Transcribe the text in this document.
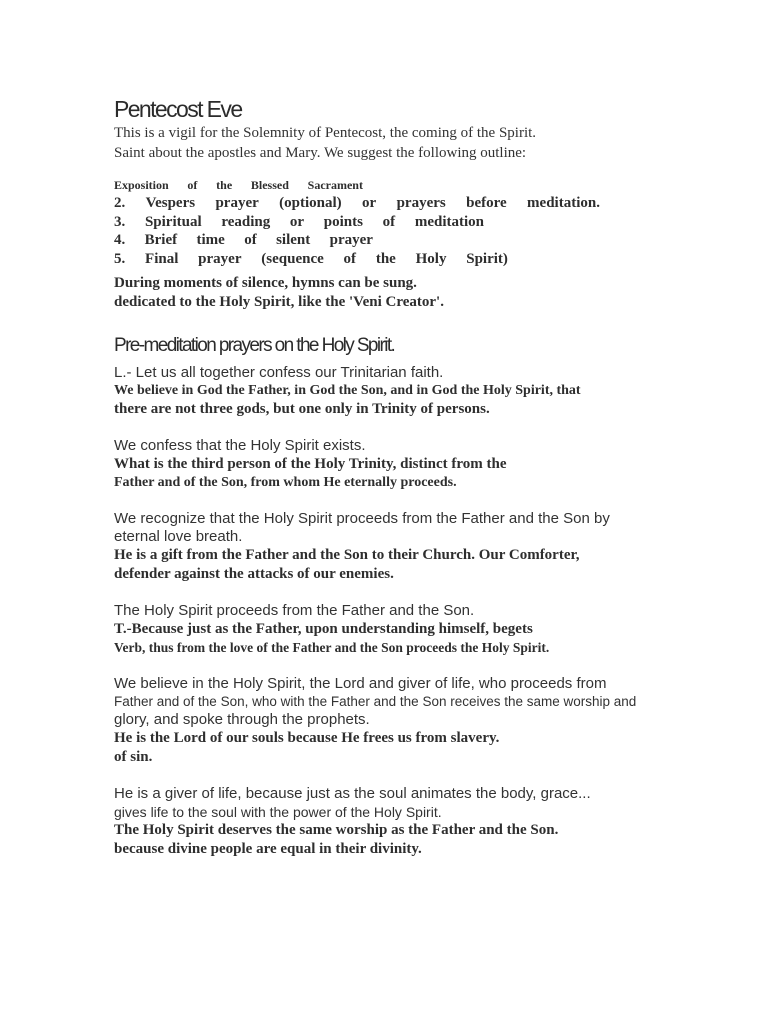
Pentecost Eve
This is a vigil for the Solemnity of Pentecost, the coming of the Spirit.
Saint about the apostles and Mary. We suggest the following outline:
Exposition of the Blessed Sacrament
2. Vespers prayer (optional) or prayers before meditation.
3. Spiritual reading or points of meditation
4. Brief time of silent prayer
5. Final prayer (sequence of the Holy Spirit)
During moments of silence, hymns can be sung.
dedicated to the Holy Spirit, like the 'Veni Creator'.
Pre-meditation prayers on the Holy Spirit.
L.- Let us all together confess our Trinitarian faith.
We believe in God the Father, in God the Son, and in God the Holy Spirit, that
there are not three gods, but one only in Trinity of persons.
We confess that the Holy Spirit exists.
What is the third person of the Holy Trinity, distinct from the
Father and of the Son, from whom He eternally proceeds.
We recognize that the Holy Spirit proceeds from the Father and the Son by
eternal love breath.
He is a gift from the Father and the Son to their Church. Our Comforter,
defender against the attacks of our enemies.
The Holy Spirit proceeds from the Father and the Son.
T.-Because just as the Father, upon understanding himself, begets
Verb, thus from the love of the Father and the Son proceeds the Holy Spirit.
We believe in the Holy Spirit, the Lord and giver of life, who proceeds from
Father and of the Son, who with the Father and the Son receives the same worship and
glory, and spoke through the prophets.
He is the Lord of our souls because He frees us from slavery.
of sin.
He is a giver of life, because just as the soul animates the body, grace...
gives life to the soul with the power of the Holy Spirit.
The Holy Spirit deserves the same worship as the Father and the Son.
because divine people are equal in their divinity.
